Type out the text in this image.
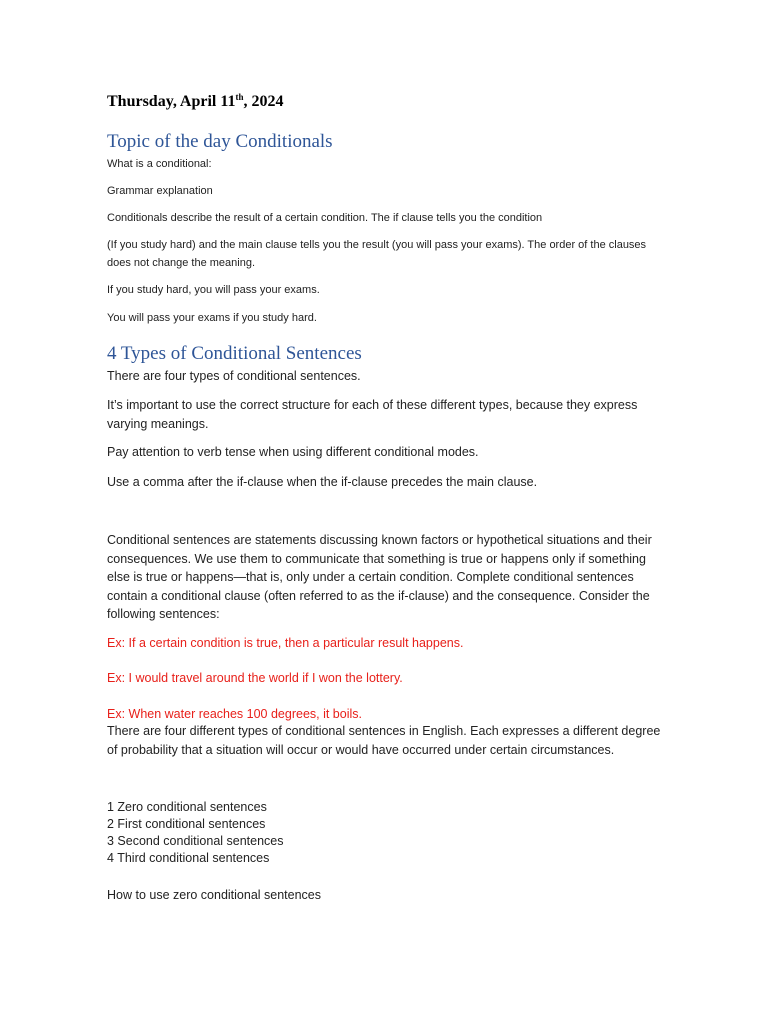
Thursday, April 11th, 2024

Topic of the day Conditionals

What is a conditional:

Grammar explanation

Conditionals describe the result of a certain condition. The if clause tells you the condition

(If you study hard) and the main clause tells you the result (you will pass your exams). The order of the clauses does not change the meaning.

If you study hard, you will pass your exams.

You will pass your exams if you study hard.

4 Types of Conditional Sentences

There are four types of conditional sentences.

It’s important to use the correct structure for each of these different types, because they express varying meanings.

Pay attention to verb tense when using different conditional modes.

Use a comma after the if-clause when the if-clause precedes the main clause.

Conditional sentences are statements discussing known factors or hypothetical situations and their consequences. We use them to communicate that something is true or happens only if something else is true or happens—that is, only under a certain condition. Complete conditional sentences contain a conditional clause (often referred to as the if-clause) and the consequence. Consider the following sentences:

Ex: If a certain condition is true, then a particular result happens.

Ex: I would travel around the world if I won the lottery.

Ex: When water reaches 100 degrees, it boils.

There are four different types of conditional sentences in English. Each expresses a different degree of probability that a situation will occur or would have occurred under certain circumstances.

1 Zero conditional sentences
2 First conditional sentences
3 Second conditional sentences
4 Third conditional sentences

How to use zero conditional sentences
